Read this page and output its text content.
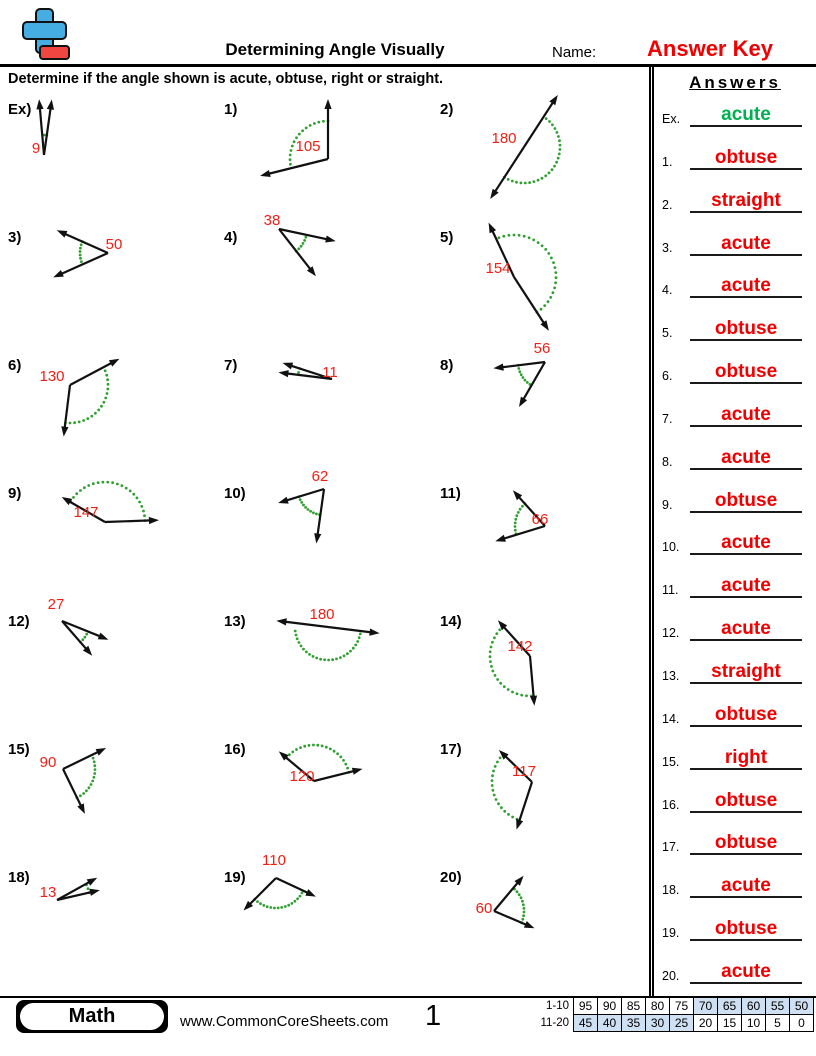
Determining Angle Visually	Name:	Answer Key
Determine if the angle shown is acute, obtuse, right or straight.
Ex)
9
1)
105
2)
180
3)	50	4)
38
5)
154
6)
130
7)	11	8)
56
9)
147
10)
62
11)
66
12)
27
13)	180	14)
142
15)
90
16)
120
17)
117
18)
13
19)
110
20)
60
Answers
Ex.	acute
1.	obtuse
2.	straight
3.	acute
4.	acute
5.	obtuse
6.	obtuse
7.	acute
8.	acute
9.	obtuse
10.	acute
11.	acute
12.	acute
13.	straight
14.	obtuse
15.	right
16.	obtuse
17.	obtuse
18.	acute
19.	obtuse
20.	acute
Math	www.CommonCoreSheets.com 1	1-10	95	90	85	80	75	70	65	60	55	50
11-20	45	40	35	30	25	20	15	10	5	0
